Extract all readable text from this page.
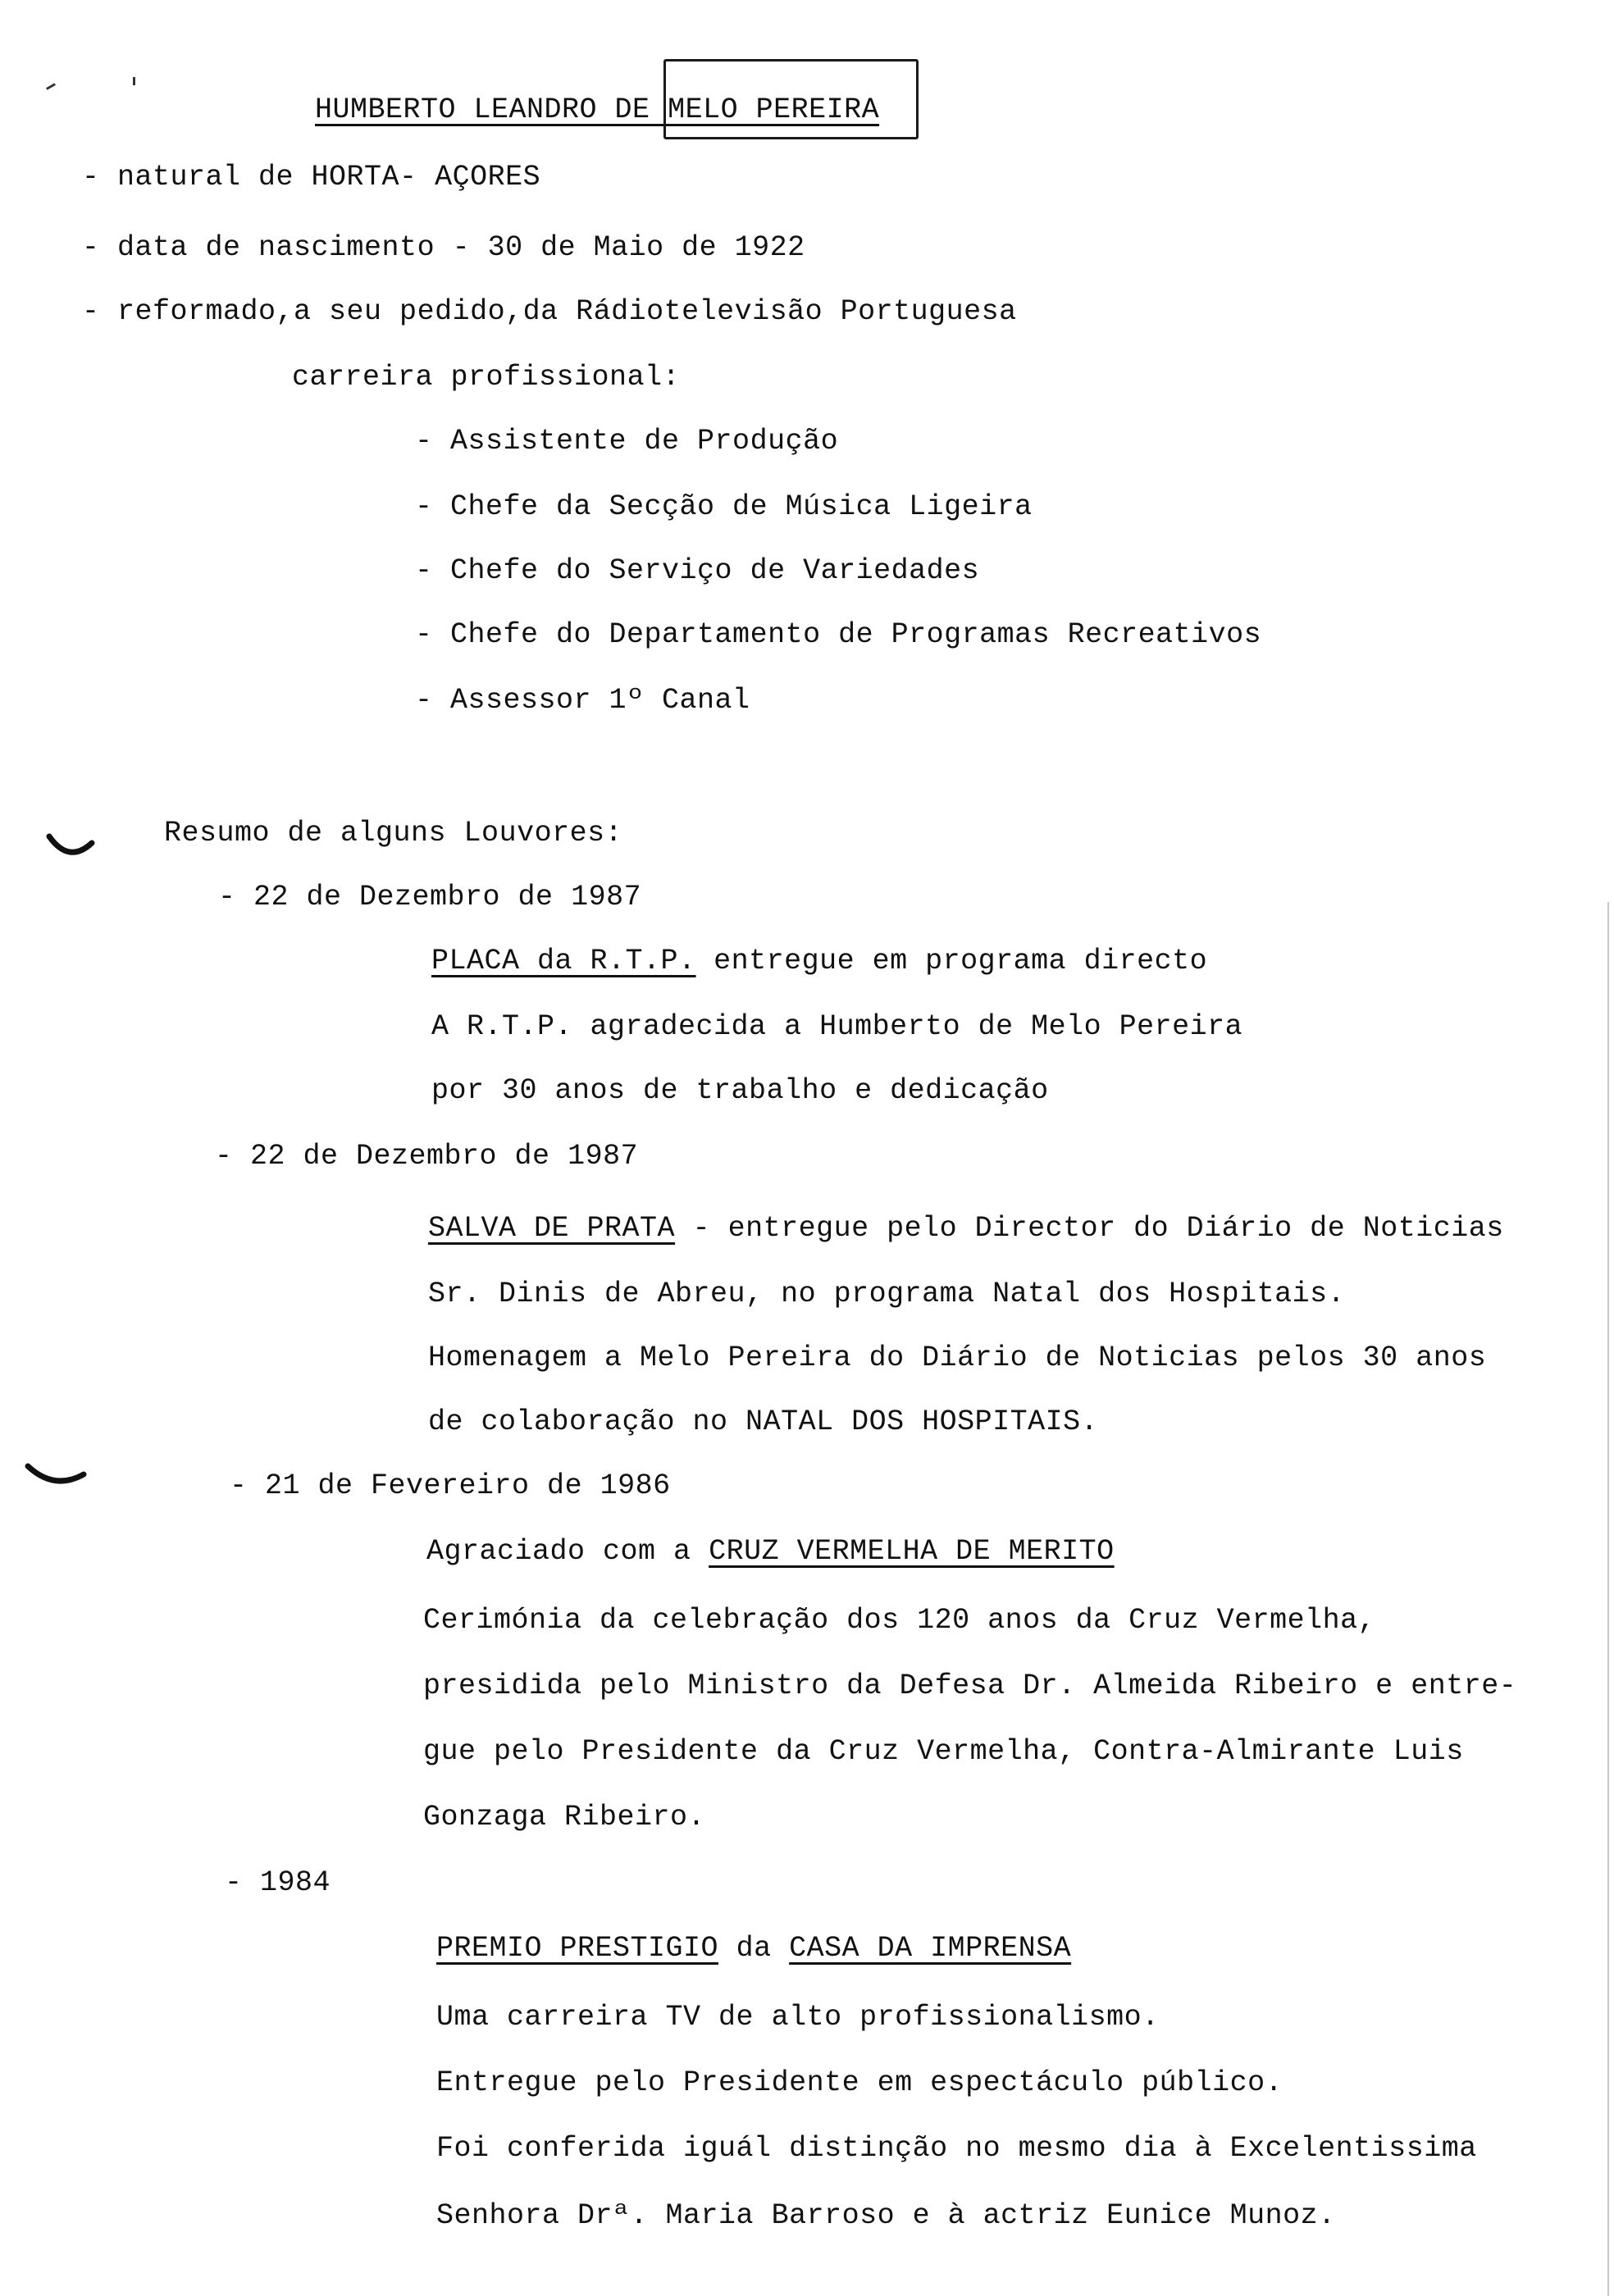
HUMBERTO LEANDRO DE MELO PEREIRA
- natural de HORTA- AÇORES
- data de nascimento - 30 de Maio de 1922
- reformado,a seu pedido,da Rádiotelevisão Portuguesa
carreira profissional:
- Assistente de Produção
- Chefe da Secção de Música Ligeira
- Chefe do Serviço de Variedades
- Chefe do Departamento de Programas Recreativos
- Assessor 1º Canal
Resumo de alguns Louvores:
- 22 de Dezembro de 1987
PLACA da R.T.P. entregue em programa directo
A R.T.P. agradecida a Humberto de Melo Pereira
por 30 anos de trabalho e dedicação
- 22 de Dezembro de 1987
SALVA DE PRATA - entregue pelo Director do Diário de Noticias
Sr. Dinis de Abreu, no programa Natal dos Hospitais.
Homenagem a Melo Pereira do Diário de Noticias pelos 30 anos
de colaboração no NATAL DOS HOSPITAIS.
- 21 de Fevereiro de 1986
Agraciado com a CRUZ VERMELHA DE MERITO
Cerimónia da celebração dos 120 anos da Cruz Vermelha,
presidida pelo Ministro da Defesa Dr. Almeida Ribeiro e entre-
gue pelo Presidente da Cruz Vermelha, Contra-Almirante Luis
Gonzaga Ribeiro.
- 1984
PREMIO PRESTIGIO da CASA DA IMPRENSA
Uma carreira TV de alto profissionalismo.
Entregue pelo Presidente em espectáculo público.
Foi conferida iguál distinção no mesmo dia à Excelentissima
Senhora Drª. Maria Barroso e à actriz Eunice Munoz.
